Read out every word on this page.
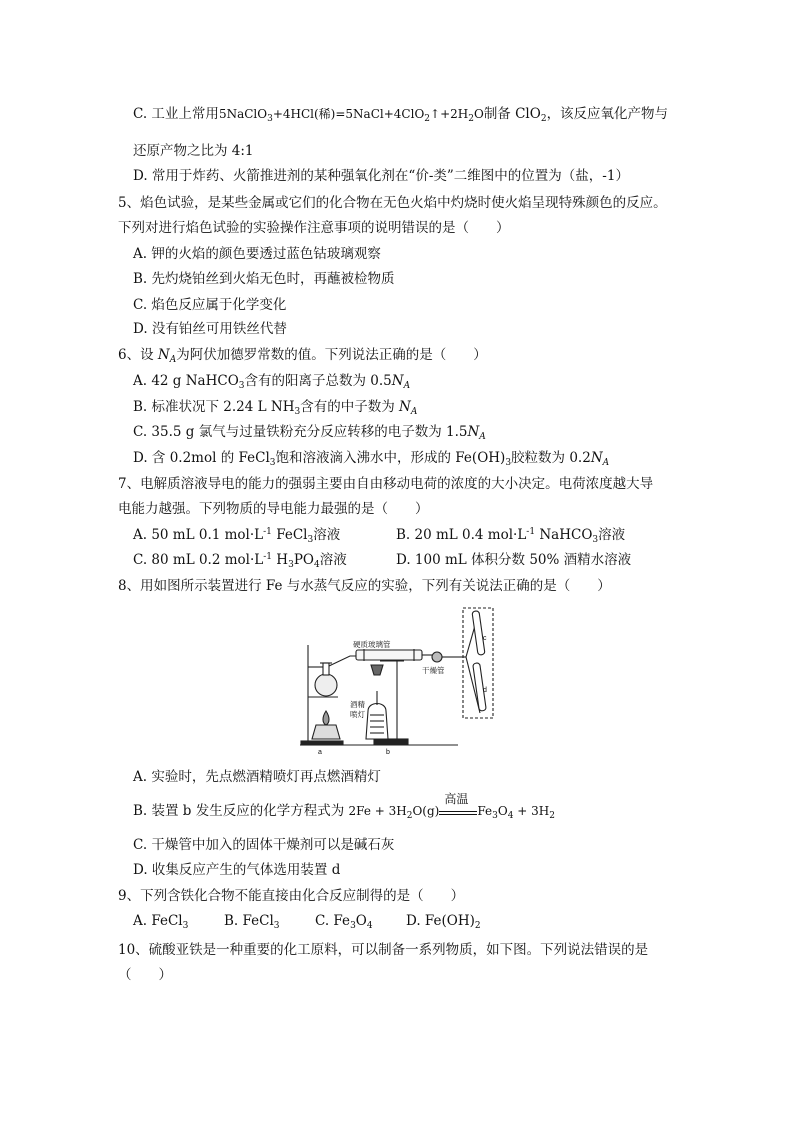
C. 工业上常用5NaClO$_3$+4HCl(稀)$=5NaCl+4ClO_2↑+2H_2O$制备 ClO$_2$，该反应氧化产物与
还原产物之比为 4:1
D. 常用于炸药、火箭推进剂的某种强氧化剂在“价-类”二维图中的位置为（盐，-1）
5、焰色试验，是某些金属或它们的化合物在无色火焰中灼烧时使火焰呈现特殊颜色的反应。
下列对进行焰色试验的实验操作注意事项的说明错误的是（　　）
A. 钾的火焰的颜色要透过蓝色钴玻璃观察
B. 先灼烧铂丝到火焰无色时，再蘸被检物质
C. 焰色反应属于化学变化
D. 没有铂丝可用铁丝代替
6、设 $N_A$为阿伏加德罗常数的值。下列说法正确的是（　　）
A. 42 g NaHCO$_3$含有的阳离子总数为 $0.5N_A$
B. 标准状况下 2.24 L $NH_3$含有的中子数为 $N_A$
C. 35.5 g 氯气与过量铁粉充分反应转移的电子数为 $1.5N_A$
D. 含 0.2mol 的 FeCl$_3$饱和溶液滴入沸水中，形成的 $Fe(OH)_3$胶粒数为 $0.2N_A$
7、电解质溶液导电的能力的强弱主要由自由移动电荷的浓度的大小决定。电荷浓度越大导
电能力越强。下列物质的导电能力最强的是（　　）
A. 50 mL 0.1 $mol\cdot L^{-1}$ FeCl$_3$溶液	B. 20 mL 0.4 $mol\cdot L^{-1}$ NaHCO$_3$溶液
C. 80 mL 0.2 $mol\cdot L^{-1}$ $H_3PO_4$溶液	D. 100 mL 体积分数 50% 酒精水溶液
8、用如图所示装置进行 Fe 与水蒸气反应的实验，下列有关说法正确的是（　　）
硬质玻璃管
干燥管
酒精
喷灯
a	b
c
d
A. 实验时，先点燃酒精喷灯再点燃酒精灯
B. 装置 b 发生反应的化学方程式为 $2Fe + 3H_2O(g)$
高温
$Fe_3O_4 + 3H_2$
C. 干燥管中加入的固体干燥剂可以是碱石灰
D. 收集反应产生的气体选用装置 d
9、下列含铁化合物不能直接由化合反应制得的是（　　）
A. FeCl$_3$	B. FeCl$_3$	C. $Fe_3O_4$ D. $Fe(OH)_2$
10、硫酸亚铁是一种重要的化工原料，可以制备一系列物质，如下图。下列说法错误的是
（　　）
